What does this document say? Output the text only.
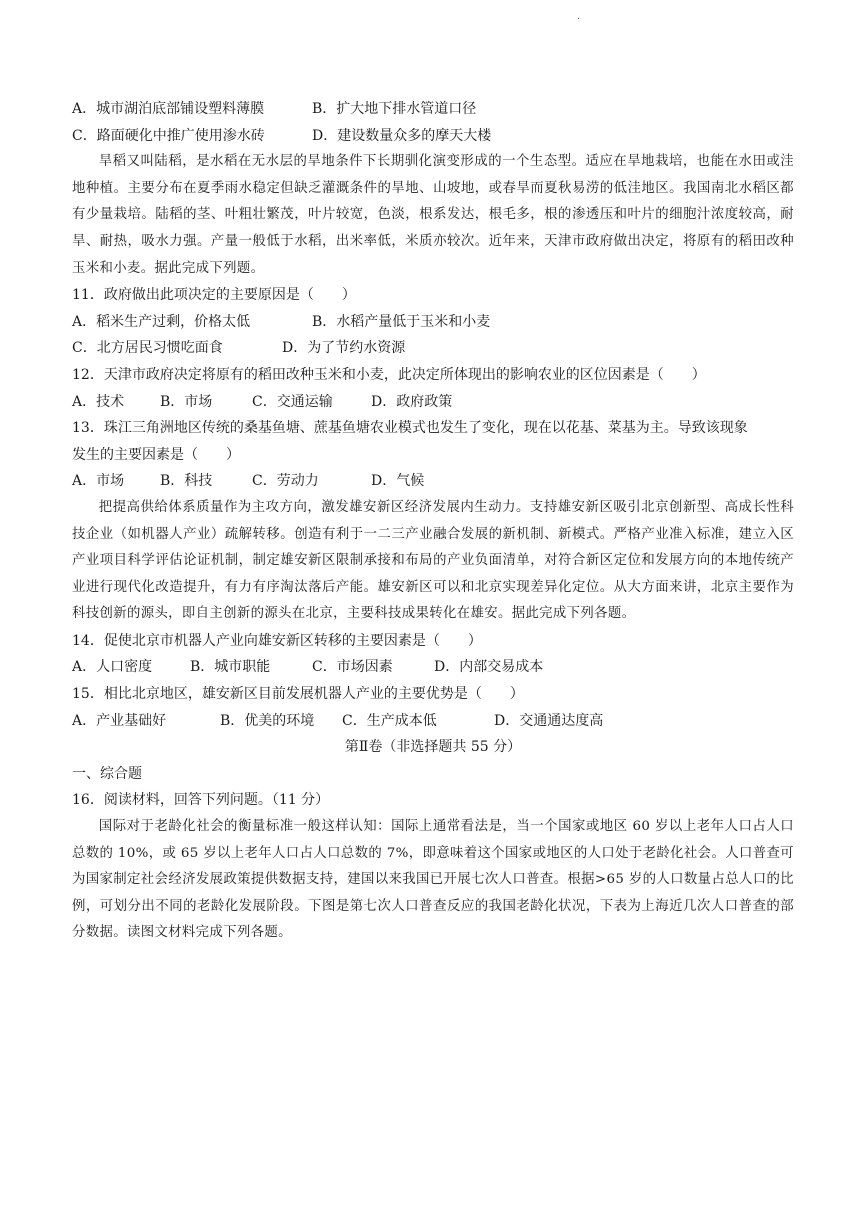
·
A．城市湖泊底部铺设塑料薄膜	B．扩大地下排水管道口径
C．路面硬化中推广使用渗水砖	D．建设数量众多的摩天大楼
旱稻又叫陆稻，是水稻在无水层的旱地条件下长期驯化演变形成的一个生态型。适应在旱地栽培，也能在水田或洼地种植。主要分布在夏季雨水稳定但缺乏灌溉条件的旱地、山坡地，或春旱而夏秋易涝的低洼地区。我国南北水稻区都有少量栽培。陆稻的茎、叶粗壮繁茂，叶片较宽，色淡，根系发达，根毛多，根的渗透压和叶片的细胞汁浓度较高，耐旱、耐热，吸水力强。产量一般低于水稻，出米率低，米质亦较次。近年来，天津市政府做出决定，将原有的稻田改种玉米和小麦。据此完成下列题。
11．政府做出此项决定的主要原因是（　　）
A．稻米生产过剩，价格太低	B．水稻产量低于玉米和小麦
C．北方居民习惯吃面食	D．为了节约水资源
12．天津市政府决定将原有的稻田改种玉米和小麦，此决定所体现出的影响农业的区位因素是（　　）
A．技术	B．市场	C．交通运输	D．政府政策
13．珠江三角洲地区传统的桑基鱼塘、蔗基鱼塘农业模式也发生了变化，现在以花基、菜基为主。导致该现象
发生的主要因素是（　　）
A．市场	B．科技	C．劳动力	D．气候
把提高供给体系质量作为主攻方向，激发雄安新区经济发展内生动力。支持雄安新区吸引北京创新型、高成长性科技企业（如机器人产业）疏解转移。创造有利于一二三产业融合发展的新机制、新模式。严格产业准入标准，建立入区产业项目科学评估论证机制，制定雄安新区限制承接和布局的产业负面清单，对符合新区定位和发展方向的本地传统产业进行现代化改造提升，有力有序淘汰落后产能。雄安新区可以和北京实现差异化定位。从大方面来讲，北京主要作为科技创新的源头，即自主创新的源头在北京，主要科技成果转化在雄安。据此完成下列各题。
14．促使北京市机器人产业向雄安新区转移的主要因素是（　　）
A．人口密度	B．城市职能	C．市场因素	D．内部交易成本
15．相比北京地区，雄安新区目前发展机器人产业的主要优势是（　　）
A．产业基础好	B．优美的环境	C．生产成本低	D．交通通达度高
第Ⅱ卷（非选择题共 55 分）
一、综合题
16．阅读材料，回答下列问题。（11 分）
国际对于老龄化社会的衡量标准一般这样认知：国际上通常看法是，当一个国家或地区 60 岁以上老年人口占人口总数的 10%，或 65 岁以上老年人口占人口总数的 7%，即意味着这个国家或地区的人口处于老龄化社会。人口普查可为国家制定社会经济发展政策提供数据支持，建国以来我国已开展七次人口普查。根据>65 岁的人口数量占总人口的比例，可划分出不同的老龄化发展阶段。下图是第七次人口普查反应的我国老龄化状况，下表为上海近几次人口普查的部分数据。读图文材料完成下列各题。
